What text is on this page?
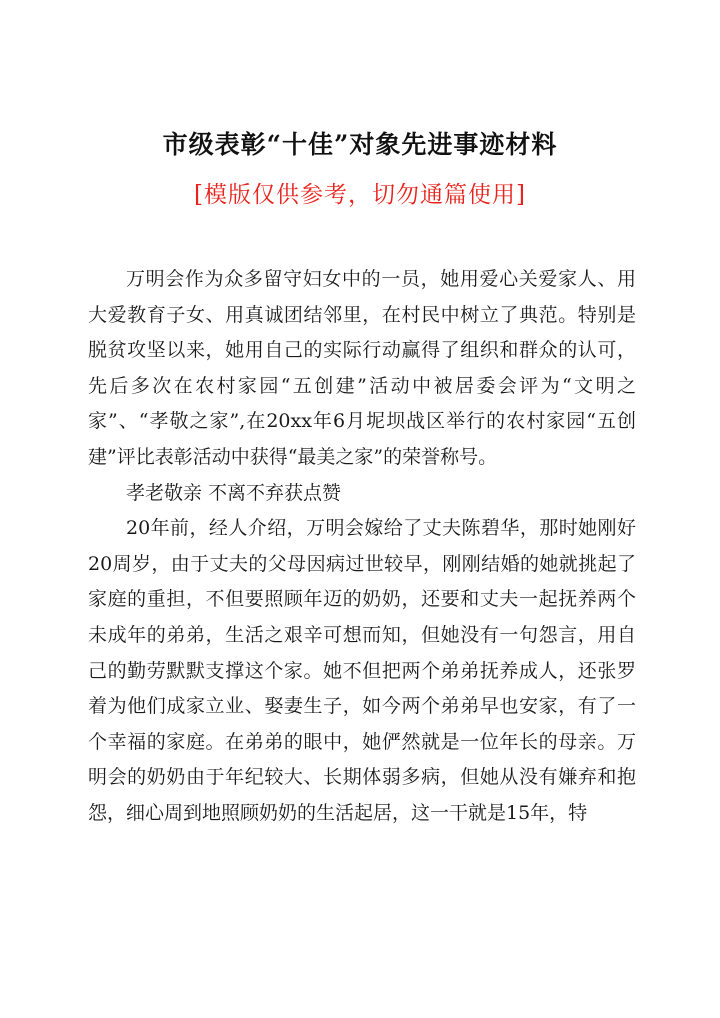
市级表彰“十佳”对象先进事迹材料
[模版仅供参考，切勿通篇使用]

万明会作为众多留守妇女中的一员，她用爱心关爱家人、用大爱教育子女、用真诚团结邻里，在村民中树立了典范。特别是脱贫攻坚以来，她用自己的实际行动赢得了组织和群众的认可，先后多次在农村家园“五创建”活动中被居委会评为“文明之家”、“孝敬之家”,在20xx年6月坭坝战区举行的农村家园“五创建”评比表彰活动中获得“最美之家”的荣誉称号。

孝老敬亲 不离不弃获点赞

20年前，经人介绍，万明会嫁给了丈夫陈碧华，那时她刚好20周岁，由于丈夫的父母因病过世较早，刚刚结婚的她就挑起了家庭的重担，不但要照顾年迈的奶奶，还要和丈夫一起抚养两个未成年的弟弟，生活之艰辛可想而知，但她没有一句怨言，用自己的勤劳默默支撑这个家。她不但把两个弟弟抚养成人，还张罗着为他们成家立业、娶妻生子，如今两个弟弟早也安家，有了一个幸福的家庭。在弟弟的眼中，她俨然就是一位年长的母亲。万明会的奶奶由于年纪较大、长期体弱多病，但她从没有嫌弃和抱怨，细心周到地照顾奶奶的生活起居，这一干就是15年，特
